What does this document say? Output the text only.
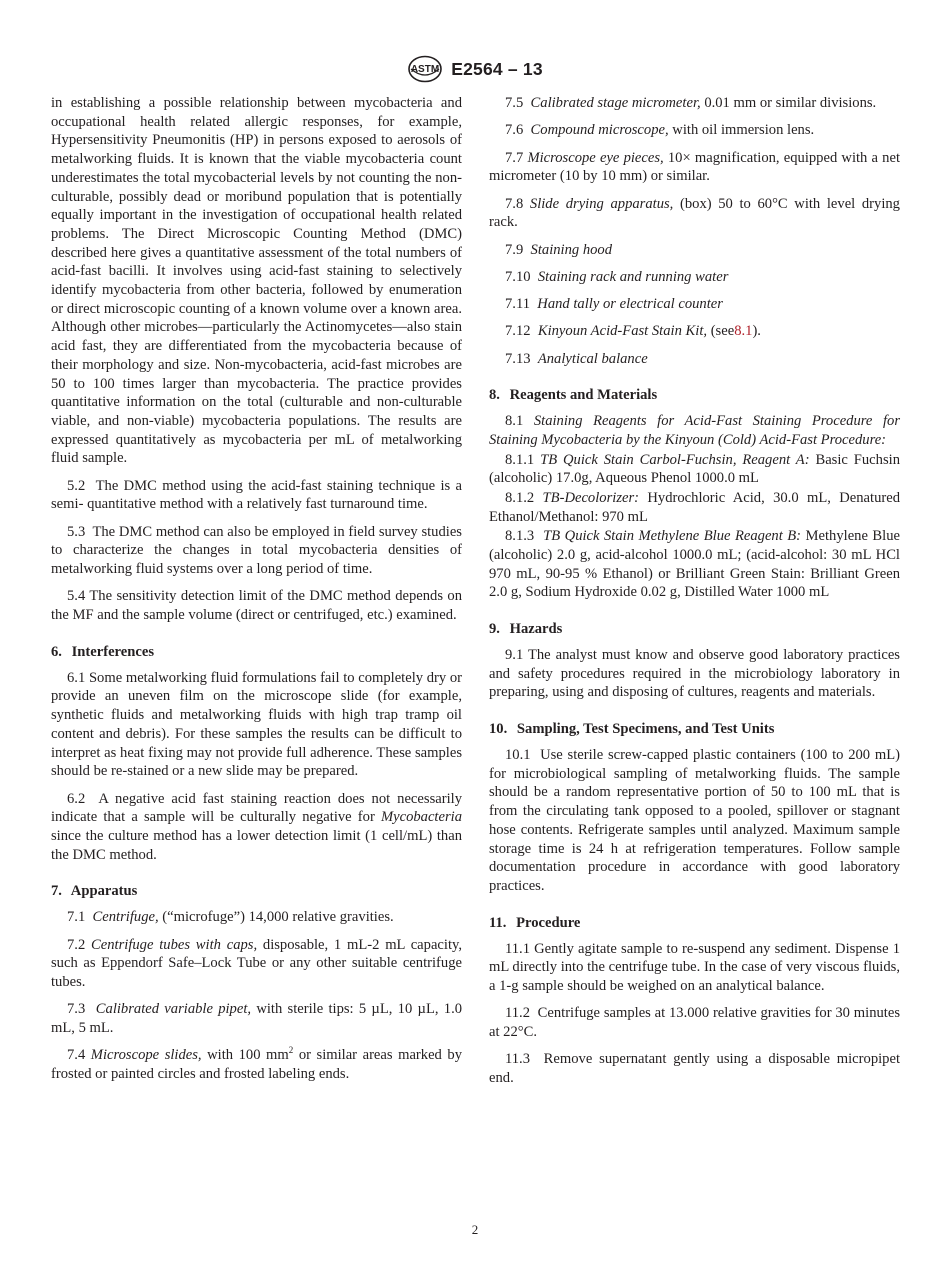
ASTM E2564 – 13

in establishing a possible relationship between mycobacteria and occupational health related allergic responses, for example, Hypersensitivity Pneumonitis (HP) in persons exposed to aerosols of metalworking fluids. It is known that the viable mycobacteria count underestimates the total mycobacterial levels by not counting the non-culturable, possibly dead or moribund population that is potentially equally important in the investigation of occupational health related problems. The Direct Microscopic Counting Method (DMC) described here gives a quantitative assessment of the total numbers of acid-fast bacilli. It involves using acid-fast staining to selectively identify mycobacteria from other bacteria, followed by enumeration or direct microscopic counting of a known volume over a known area. Although other microbes—particularly the Actinomycetes—also stain acid fast, they are differentiated from the mycobacteria because of their morphology and size. Non-mycobacteria, acid-fast microbes are 50 to 100 times larger than mycobacteria. The practice provides quantitative information on the total (culturable and non-culturable viable, and non-viable) mycobacteria populations. The results are expressed quantitatively as mycobacteria per mL of metalworking fluid sample.

5.2 The DMC method using the acid-fast staining technique is a semi- quantitative method with a relatively fast turnaround time.

5.3 The DMC method can also be employed in field survey studies to characterize the changes in total mycobacteria densities of metalworking fluid systems over a long period of time.

5.4 The sensitivity detection limit of the DMC method depends on the MF and the sample volume (direct or centrifuged, etc.) examined.

6. Interferences

6.1 Some metalworking fluid formulations fail to completely dry or provide an uneven film on the microscope slide (for example, synthetic fluids and metalworking fluids with high trap tramp oil content and debris). For these samples the results can be difficult to interpret as heat fixing may not provide full adherence. These samples should be re-stained or a new slide may be prepared.

6.2 A negative acid fast staining reaction does not necessarily indicate that a sample will be culturally negative for Mycobacteria since the culture method has a lower detection limit (1 cell/mL) than the DMC method.

7. Apparatus

7.1 Centrifuge, (“microfuge”) 14,000 relative gravities.

7.2 Centrifuge tubes with caps, disposable, 1 mL-2 mL capacity, such as Eppendorf Safe–Lock Tube or any other suitable centrifuge tubes.

7.3 Calibrated variable pipet, with sterile tips: 5 µL, 10 µL, 1.0 mL, 5 mL.

7.4 Microscope slides, with 100 $mm^2$ or similar areas marked by frosted or painted circles and frosted labeling ends.

7.5 Calibrated stage micrometer, 0.01 mm or similar divisions.

7.6 Compound microscope, with oil immersion lens.

7.7 Microscope eye pieces, 10× magnification, equipped with a net micrometer (10 by 10 mm) or similar.

7.8 Slide drying apparatus, (box) 50 to 60°C with level drying rack.

7.9 Staining hood

7.10 Staining rack and running water

7.11 Hand tally or electrical counter

7.12 Kinyoun Acid-Fast Stain Kit, (see8.1).

7.13 Analytical balance

8. Reagents and Materials

8.1 Staining Reagents for Acid-Fast Staining Procedure for Staining Mycobacteria by the Kinyoun (Cold) Acid-Fast Procedure:

8.1.1 TB Quick Stain Carbol-Fuchsin, Reagent A: Basic Fuchsin (alcoholic) 17.0g, Aqueous Phenol 1000.0 mL

8.1.2 TB-Decolorizer: Hydrochloric Acid, 30.0 mL, Denatured Ethanol/Methanol: 970 mL

8.1.3 TB Quick Stain Methylene Blue Reagent B: Methylene Blue (alcoholic) 2.0 g, acid-alcohol 1000.0 mL; (acid-alcohol: 30 mL HCl 970 mL, 90-95 % Ethanol) or Brilliant Green Stain: Brilliant Green 2.0 g, Sodium Hydroxide 0.02 g, Distilled Water 1000 mL

9. Hazards

9.1 The analyst must know and observe good laboratory practices and safety procedures required in the microbiology laboratory in preparing, using and disposing of cultures, reagents and materials.

10. Sampling, Test Specimens, and Test Units

10.1 Use sterile screw-capped plastic containers (100 to 200 mL) for microbiological sampling of metalworking fluids. The sample should be a random representative portion of 50 to 100 mL that is from the circulating tank opposed to a pooled, spillover or stagnant hose contents. Refrigerate samples until analyzed. Maximum sample storage time is 24 h at refrigeration temperatures. Follow sample documentation procedure in accordance with good laboratory practices.

11. Procedure

11.1 Gently agitate sample to re-suspend any sediment. Dispense 1 mL directly into the centrifuge tube. In the case of very viscous fluids, a 1-g sample should be weighed on an analytical balance.

11.2 Centrifuge samples at 13.000 relative gravities for 30 minutes at 22°C.

11.3 Remove supernatant gently using a disposable micropipet end.

2
